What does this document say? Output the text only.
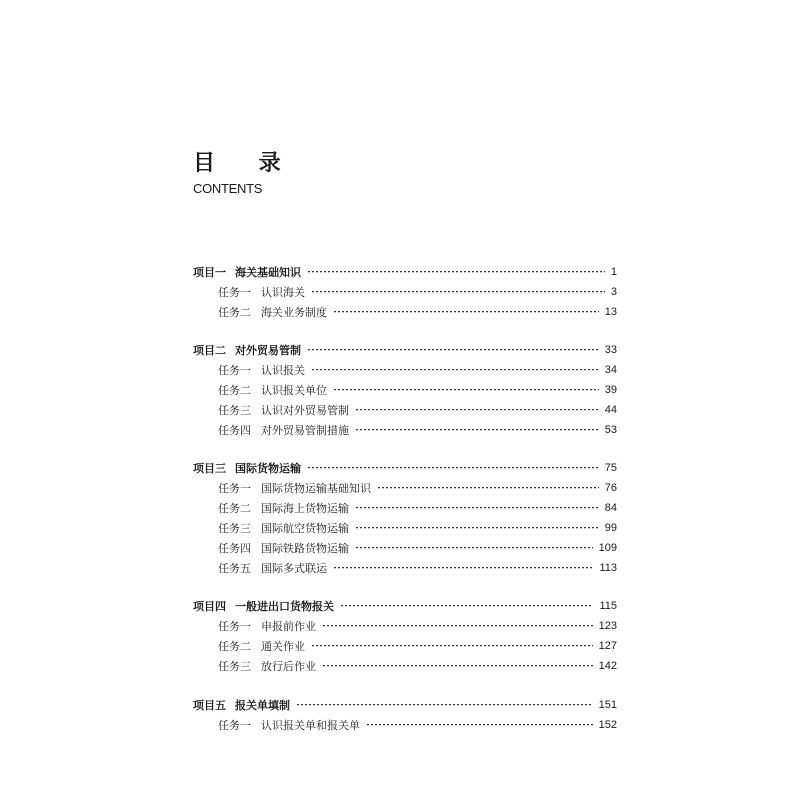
目 录
CONTENTS
项目一 海关基础知识	1
任务一 认识海关	3
任务二 海关业务制度	13
项目二 对外贸易管制	33
任务一 认识报关	34
任务二 认识报关单位	39
任务三 认识对外贸易管制	44
任务四 对外贸易管制措施	53
项目三 国际货物运输	75
任务一 国际货物运输基础知识	76
任务二 国际海上货物运输	84
任务三 国际航空货物运输	99
任务四 国际铁路货物运输	109
任务五 国际多式联运	113
项目四 一般进出口货物报关	115
任务一 申报前作业	123
任务二 通关作业	127
任务三 放行后作业	142
项目五 报关单填制	151
任务一 认识报关单和报关单	152
